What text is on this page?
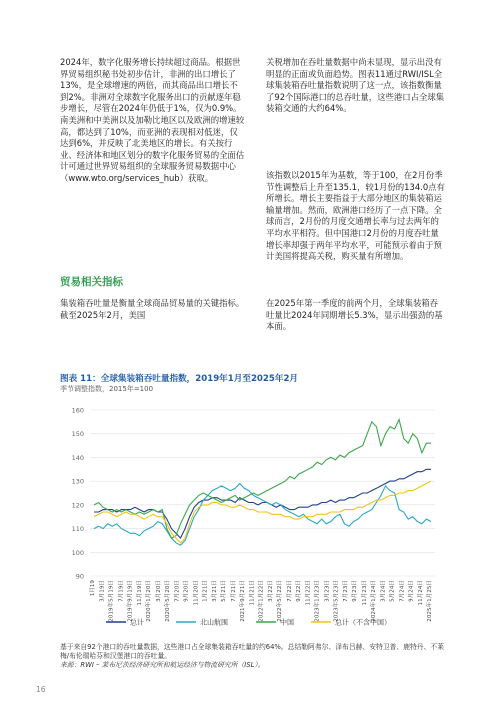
2024年，数字化服务增长持续超过商品。根据世界贸易组织秘书处初步估计，非洲的出口增长了13%，是全球增速的两倍，而其商品出口增长不到2%。非洲对全球数字化服务出口的贡献逐年稳步增长，尽管在2024年仍低于1%，仅为0.9%。南美洲和中美洲以及加勒比地区以及欧洲的增速较高，都达到了10%，而亚洲的表现相对低迷，仅达到6%，并反映了北美地区的增长。有关按行业、经济体和地区划分的数字化服务贸易的全面估计可通过世界贸易组织的全球服务贸易数据中心（www.wto.org/services_hub）获取。

关税增加在吞吐量数据中尚未显现，显示出没有明显的正面或负面趋势。图表11通过RWI/ISL全球集装箱吞吐量指数说明了这一点，该指数衡量了92个国际港口的总吞吐量，这些港口占全球集装箱交通的大约64%。

该指数以2015年为基数，等于100，在2月份季节性调整后上升至135.1，较1月份的134.0点有所增长。增长主要指益于大部分地区的集装箱运输量增加。然而，欧洲港口经历了一点下降。全球而言，2月份的月度交通增长率与过去两年的平均水平相符。但中国港口2月份的月度吞吐量增长率却强于两年平均水平，可能预示着由于预计美国将提高关税，购买量有所增加。

贸易相关指标

集装箱吞吐量是衡量全球商品贸易量的关键指标。截至2025年2月，美国

在2025年第一季度的前两个月，全球集装箱吞吐量比2024年同期增长5.3%，显示出强劲的基本面。

图表 11：全球集装箱吞吐量指数，2019年1月至2025年2月
季节调整指数，2015年=100
90
100
110
120
130
140
150
160
1月19	2019年5月19日	2019年9月19日	2020年1月20日	2020年5月20日	9月20日	1月21日	5月21日	2021年9月21日	2022年1月22日	2022年5月22日	9月22日	2023年1月23日	2023年5月23日	9月23日	2024年1月24日	5月24日	9月24日	2025年1月25日
3月19日	7月19日	11月19日	3月20日	7月20日	11月20日	3月21日	7月21日	11月21日	3月22日	7月22日	11月22日	3月23日	7月23日	11月23日	3月24日	7月24日	11月24日
总计	北山航围	中国	总计（不含中国）
基于来自92个港口的吞吐量数据，这些港口占全球集装箱吞吐量的约64%。总结勒阿弗尔、泽布吕赫、安特卫普、鹿特丹、不莱梅/布伦瑞哈芬和汉堡港口的吞吐量。
来源：RWI – 莱布尼茨经济研究所和航运经济与物流研究所（ISL）。
16
